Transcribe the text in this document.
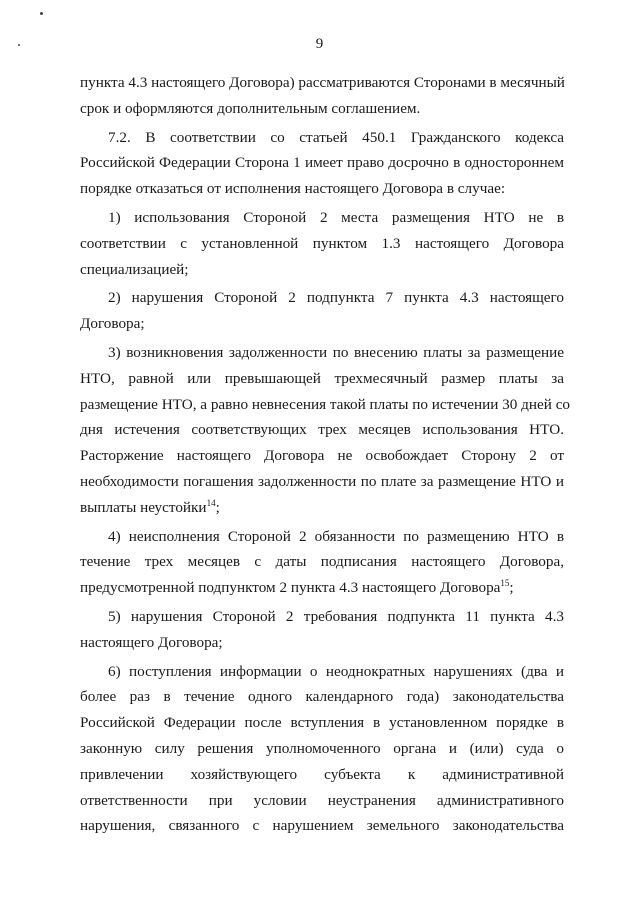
9
пункта 4.3 настоящего Договора) рассматриваются Сторонами в месячный
срок и оформляются дополнительным соглашением.
7.2. В соответствии со статьей 450.1 Гражданского кодекса
Российской Федерации Сторона 1 имеет право досрочно в одностороннем
порядке отказаться от исполнения настоящего Договора в случае:
1) использования Стороной 2 места размещения НТО не в
соответствии с установленной пунктом 1.3 настоящего Договора
специализацией;
2) нарушения Стороной 2 подпункта 7 пункта 4.3 настоящего
Договора;
3) возникновения задолженности по внесению платы за размещение
НТО, равной или превышающей трехмесячный размер платы за
размещение НТО, а равно невнесения такой платы по истечении 30 дней со
дня истечения соответствующих трех месяцев использования НТО.
Расторжение настоящего Договора не освобождает Сторону 2 от
необходимости погашения задолженности по плате за размещение НТО и
выплаты неустойки$^{14}$;
4) неисполнения Стороной 2 обязанности по размещению НТО в
течение трех месяцев с даты подписания настоящего Договора,
предусмотренной подпунктом 2 пункта 4.3 настоящего Договора$^{15}$;
5) нарушения Стороной 2 требования подпункта 11 пункта 4.3
настоящего Договора;
6) поступления информации о неоднократных нарушениях (два и
более раз в течение одного календарного года) законодательства
Российской Федерации после вступления в установленном порядке в
законную силу решения уполномоченного органа и (или) суда о
привлечении хозяйствующего субъекта к административной
ответственности при условии неустранения административного
нарушения, связанного с нарушением земельного законодательства
